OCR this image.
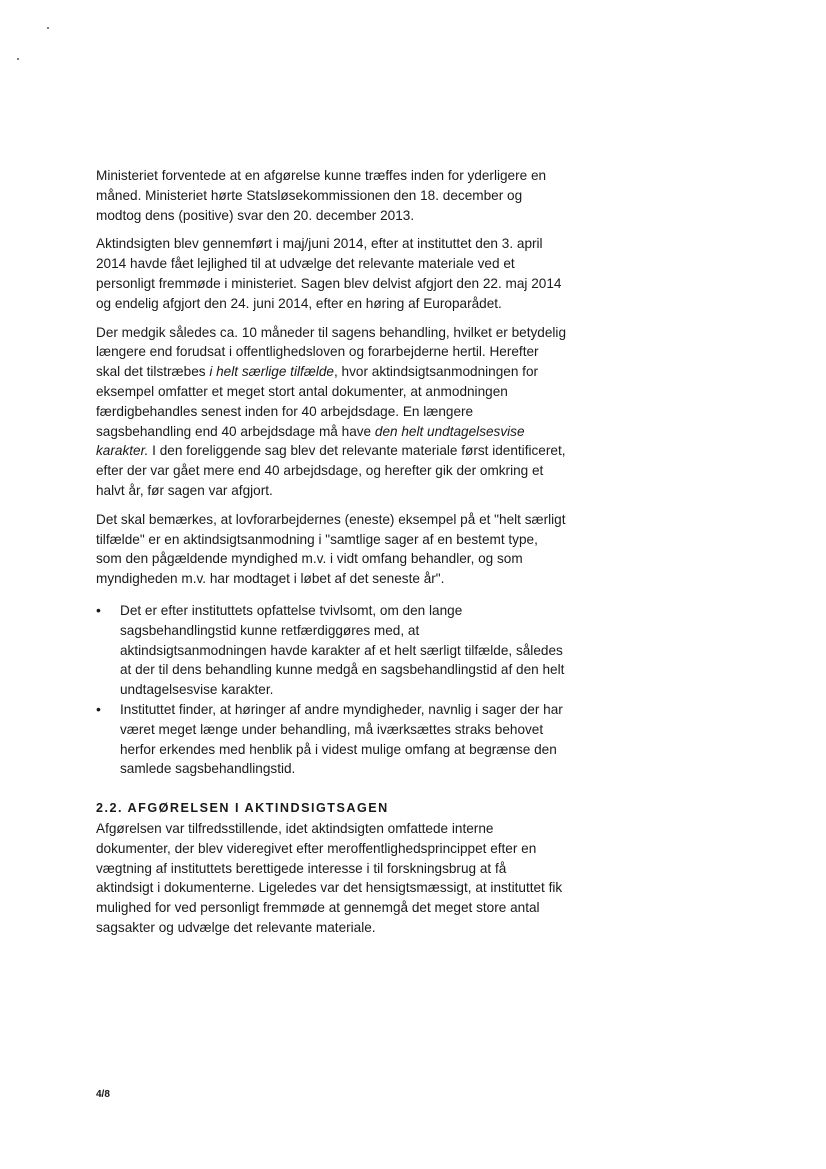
Ministeriet forventede at en afgørelse kunne træffes inden for yderligere en måned. Ministeriet hørte Statsløsekommissionen den 18. december og modtog dens (positive) svar den 20. december 2013.

Aktindsigten blev gennemført i maj/juni 2014, efter at instituttet den 3. april 2014 havde fået lejlighed til at udvælge det relevante materiale ved et personligt fremmøde i ministeriet. Sagen blev delvist afgjort den 22. maj 2014 og endelig afgjort den 24. juni 2014, efter en høring af Europarådet.

Der medgik således ca. 10 måneder til sagens behandling, hvilket er betydelig længere end forudsat i offentlighedsloven og forarbejderne hertil. Herefter skal det tilstræbes i helt særlige tilfælde, hvor aktindsigtsanmodningen for eksempel omfatter et meget stort antal dokumenter, at anmodningen færdigbehandles senest inden for 40 arbejdsdage. En længere sagsbehandling end 40 arbejdsdage må have den helt undtagelsesvise karakter. I den foreliggende sag blev det relevante materiale først identificeret, efter der var gået mere end 40 arbejdsdage, og herefter gik der omkring et halvt år, før sagen var afgjort.

Det skal bemærkes, at lovforarbejdernes (eneste) eksempel på et "helt særligt tilfælde" er en aktindsigtsanmodning i "samtlige sager af en bestemt type, som den pågældende myndighed m.v. i vidt omfang behandler, og som myndigheden m.v. har modtaget i løbet af det seneste år".

• Det er efter instituttets opfattelse tvivlsomt, om den lange sagsbehandlingstid kunne retfærdiggøres med, at aktindsigtsanmodningen havde karakter af et helt særligt tilfælde, således at der til dens behandling kunne medgå en sagsbehandlingstid af den helt undtagelsesvise karakter.
• Instituttet finder, at høringer af andre myndigheder, navnlig i sager der har været meget længe under behandling, må iværksættes straks behovet herfor erkendes med henblik på i videst mulige omfang at begrænse den samlede sagsbehandlingstid.
2.2. AFGØRELSEN I AKTINDSIGTSAGEN

Afgørelsen var tilfredsstillende, idet aktindsigten omfattede interne dokumenter, der blev videregivet efter meroffentlighedsprincippet efter en vægtning af instituttets berettigede interesse i til forskningsbrug at få aktindsigt i dokumenterne. Ligeledes var det hensigtsmæssigt, at instituttet fik mulighed for ved personligt fremmøde at gennemgå det meget store antal sagsakter og udvælge det relevante materiale.

4/8
